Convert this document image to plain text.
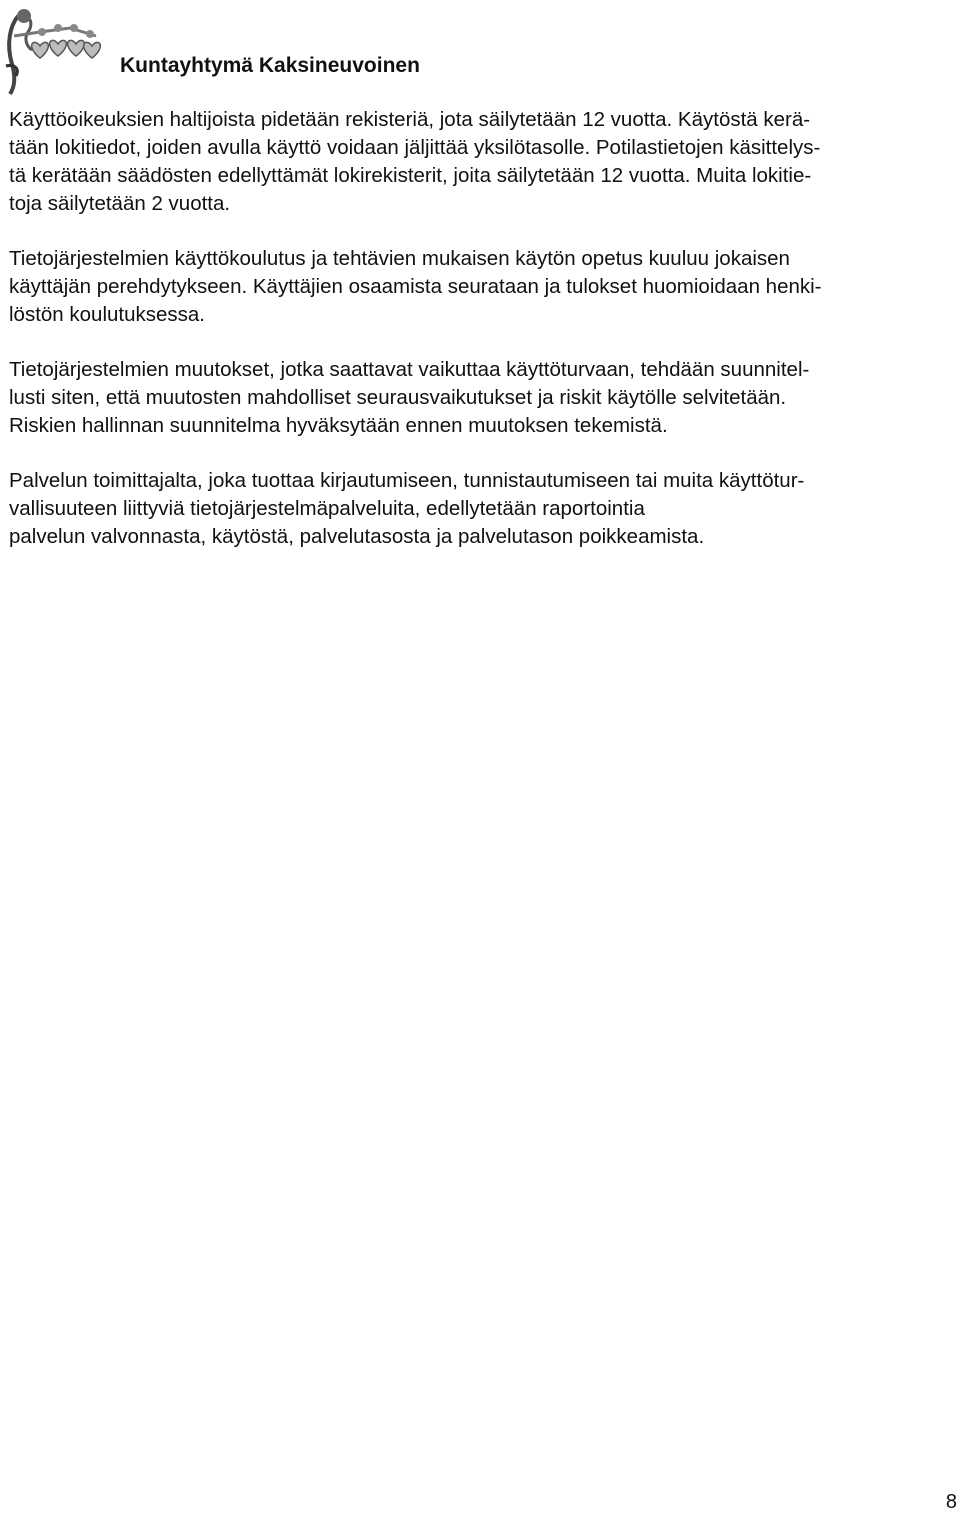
Kuntayhtymä Kaksineuvoinen

Käyttöoikeuksien haltijoista pidetään rekisteriä, jota säilytetään 12 vuotta. Käytöstä kerä-
tään lokitiedot, joiden avulla käyttö voidaan jäljittää yksilötasolle. Potilastietojen käsittelys-
tä kerätään säädösten edellyttämät lokirekisterit, joita säilytetään 12 vuotta. Muita lokitie-
toja säilytetään 2 vuotta.

Tietojärjestelmien käyttökoulutus ja tehtävien mukaisen käytön opetus kuuluu jokaisen
käyttäjän perehdytykseen. Käyttäjien osaamista seurataan ja tulokset huomioidaan henki-
löstön koulutuksessa.

Tietojärjestelmien muutokset, jotka saattavat vaikuttaa käyttöturvaan, tehdään suunnitel-
lusti siten, että muutosten mahdolliset seurausvaikutukset ja riskit käytölle selvitetään.
Riskien hallinnan suunnitelma hyväksytään ennen muutoksen tekemistä.

Palvelun toimittajalta, joka tuottaa kirjautumiseen, tunnistautumiseen tai muita käyttötur-
vallisuuteen liittyviä tietojärjestelmäpalveluita, edellytetään raportointia
palvelun valvonnasta, käytöstä, palvelutasosta ja palvelutason poikkeamista.

8
